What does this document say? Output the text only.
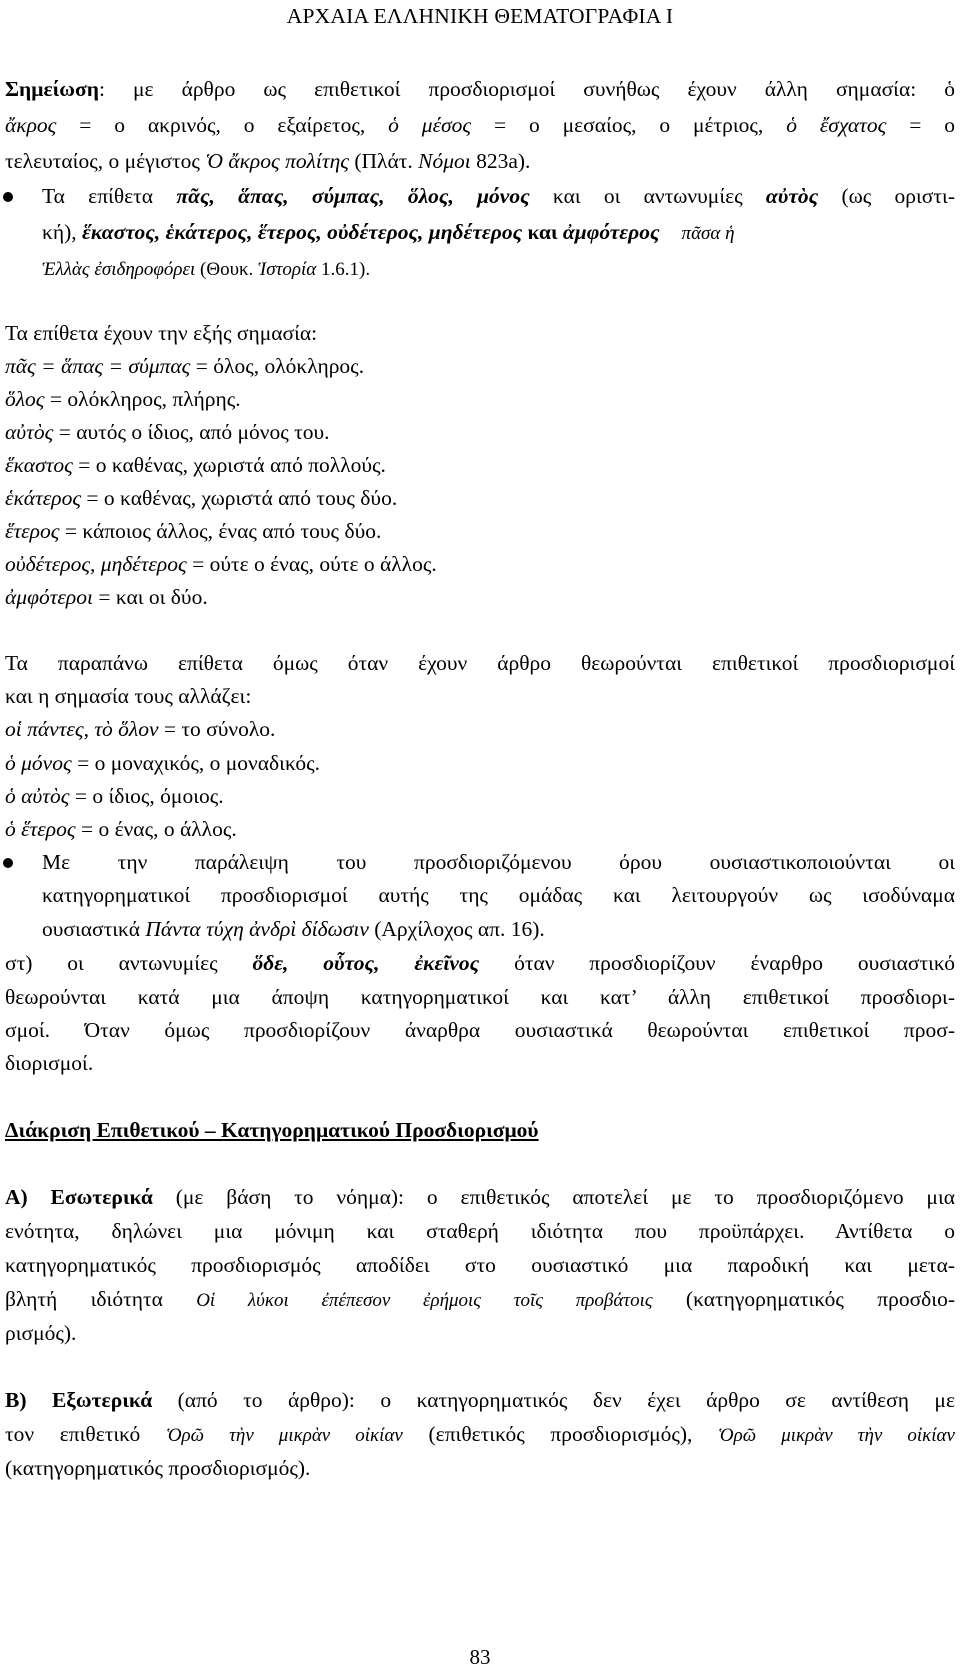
ΑΡΧΑΙΑ ΕΛΛΗΝΙΚΗ ΘΕΜΑΤΟΓΡΑΦΙΑ Ι
Σημείωση: με άρθρο ως επιθετικοί προσδιορισμοί συνήθως έχουν άλλη σημασία: ὁ
ἄκρος = ο ακρινός, ο εξαίρετος, ὁ μέσος = ο μεσαίος, ο μέτριος, ὁ ἔσχατος = ο
τελευταίος, ο μέγιστος Ὁ ἄκρος πολίτης (Πλάτ. Νόμοι 823a).
Τα επίθετα πᾶς, ἅπας, σύμπας, ὅλος, μόνος και οι αντωνυμίες αὐτὸς (ως οριστι-
κή), ἕκαστος, ἑκάτερος, ἕτερος, οὐδέτερος, μηδέτερος και ἀμφότερος πᾶσα ἡ
Ἑλλὰς ἐσιδηροφόρει (Θουκ. Ἱστορία 1.6.1).
Τα επίθετα έχουν την εξής σημασία:
πᾶς = ἅπας = σύμπας = όλος, ολόκληρος.
ὅλος = ολόκληρος, πλήρης.
αὐτὸς = αυτός ο ίδιος, από μόνος του.
ἕκαστος = ο καθένας, χωριστά από πολλούς.
ἑκάτερος = ο καθένας, χωριστά από τους δύο.
ἕτερος = κάποιος άλλος, ένας από τους δύο.
οὐδέτερος, μηδέτερος = ούτε ο ένας, ούτε ο άλλος.
ἀμφότεροι = και οι δύο.
Τα παραπάνω επίθετα όμως όταν έχουν άρθρο θεωρούνται επιθετικοί προσδιορισμοί
και η σημασία τους αλλάζει:
οἱ πάντες, τὸ ὅλον = το σύνολο.
ὁ μόνος = ο μοναχικός, ο μοναδικός.
ὁ αὐτὸς = ο ίδιος, όμοιος.
ὁ ἕτερος = ο ένας, ο άλλος.
Με την παράλειψη του προσδιοριζόμενου όρου ουσιαστικοποιούνται οι
κατηγορηματικοί προσδιορισμοί αυτής της ομάδας και λειτουργούν ως ισοδύναμα
ουσιαστικά Πάντα τύχη ἀνδρὶ δίδωσιν (Αρχίλοχος απ. 16).
στ) οι αντωνυμίες ὅδε, οὗτος, ἐκεῖνος όταν προσδιορίζουν έναρθρο ουσιαστικό
θεωρούνται κατά μια άποψη κατηγορηματικοί και κατ’ άλλη επιθετικοί προσδιορι-
σμοί. Όταν όμως προσδιορίζουν άναρθρα ουσιαστικά θεωρούνται επιθετικοί προσ-
διορισμοί.
Διάκριση Επιθετικού – Κατηγορηματικού Προσδιορισμού
Α) Εσωτερικά (με βάση το νόημα): ο επιθετικός αποτελεί με το προσδιοριζόμενο μια
ενότητα, δηλώνει μια μόνιμη και σταθερή ιδιότητα που προϋπάρχει. Αντίθετα ο
κατηγορηματικός προσδιορισμός αποδίδει στο ουσιαστικό μια παροδική και μετα-
βλητή ιδιότητα Οἱ λύκοι ἐπέπεσον ἐρήμοις τοῖς προβάτοις (κατηγορηματικός προσδιο-
ρισμός).
Β) Εξωτερικά (από το άρθρο): ο κατηγορηματικός δεν έχει άρθρο σε αντίθεση με
τον επιθετικό Ὁρῶ τὴν μικρὰν οἰκίαν (επιθετικός προσδιορισμός), Ὁρῶ μικρὰν τὴν οἰκίαν
(κατηγορηματικός προσδιορισμός).
83
